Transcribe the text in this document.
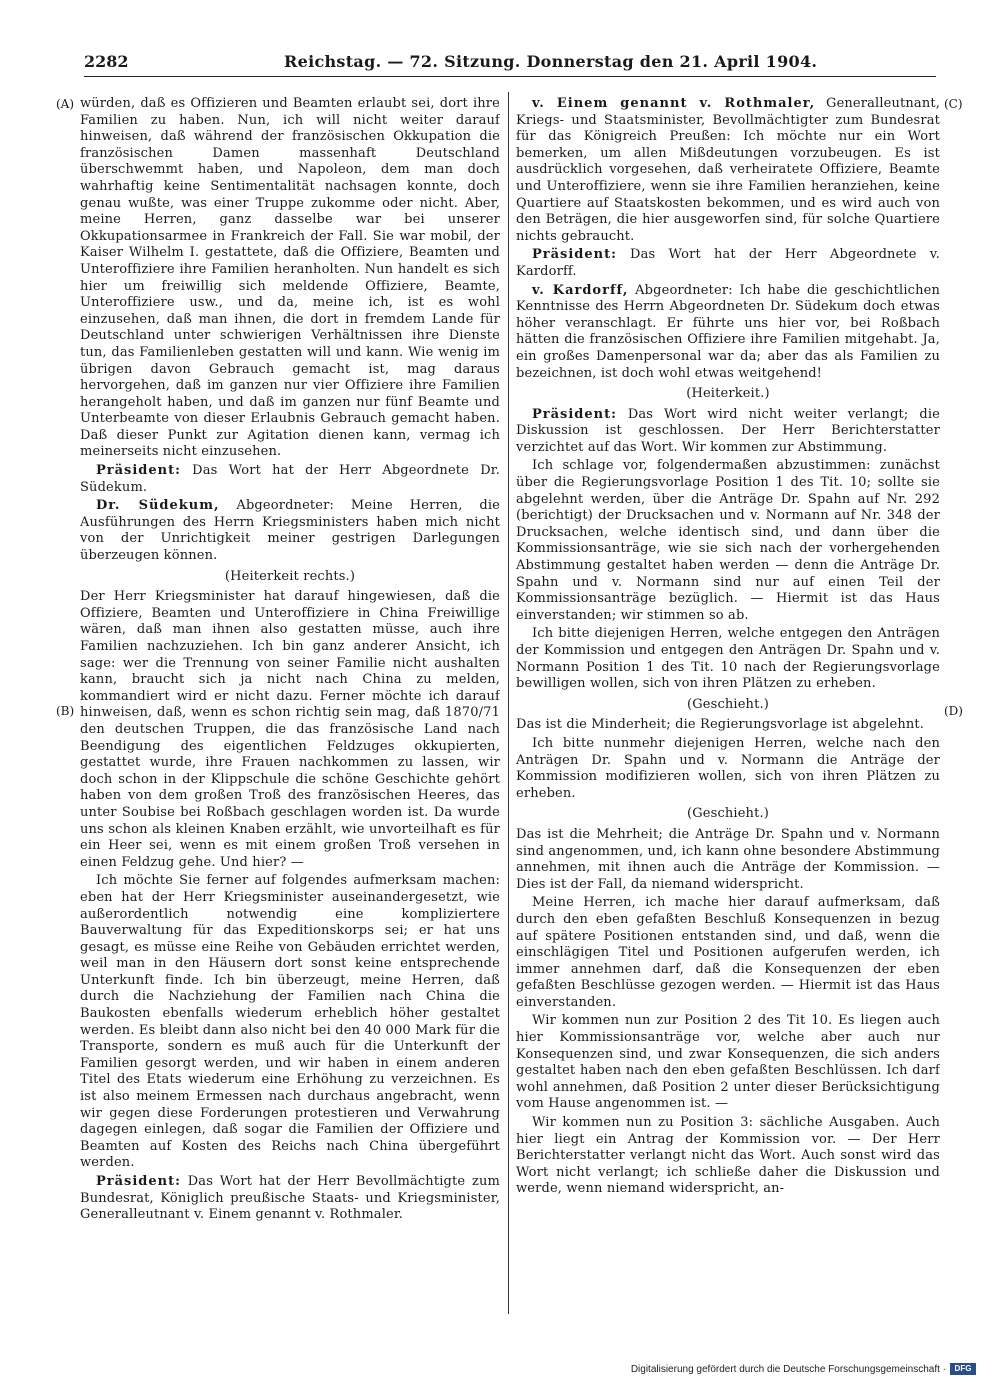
2282	Reichstag. — 72. Sitzung. Donnerstag den 21. April 1904.
(A)
(B)
(C)
(D)

würden, daß es Offizieren und Beamten erlaubt sei, dort ihre Familien zu haben. Nun, ich will nicht weiter darauf hinweisen, daß während der französischen Okkupation die französischen Damen massenhaft Deutschland überschwemmt haben, und Napoleon, dem man doch wahrhaftig keine Sentimentalität nachsagen konnte, doch genau wußte, was einer Truppe zukomme oder nicht. Aber, meine Herren, ganz dasselbe war bei unserer Okkupationsarmee in Frankreich der Fall. Sie war mobil, der Kaiser Wilhelm I. gestattete, daß die Offiziere, Beamten und Unteroffiziere ihre Familien heranholten. Nun handelt es sich hier um freiwillig sich meldende Offiziere, Beamte, Unteroffiziere usw., und da, meine ich, ist es wohl einzusehen, daß man ihnen, die dort in fremdem Lande für Deutschland unter schwierigen Verhältnissen ihre Dienste tun, das Familienleben gestatten will und kann. Wie wenig im übrigen davon Gebrauch gemacht ist, mag daraus hervorgehen, daß im ganzen nur vier Offiziere ihre Familien herangeholt haben, und daß im ganzen nur fünf Beamte und Unterbeamte von dieser Erlaubnis Gebrauch gemacht haben. Daß dieser Punkt zur Agitation dienen kann, vermag ich meinerseits nicht einzusehen.

Präsident: Das Wort hat der Herr Abgeordnete Dr. Südekum.

Dr. Südekum, Abgeordneter: Meine Herren, die Ausführungen des Herrn Kriegsministers haben mich nicht von der Unrichtigkeit meiner gestrigen Darlegungen überzeugen können.

(Heiterkeit rechts.)

Der Herr Kriegsminister hat darauf hingewiesen, daß die Offiziere, Beamten und Unteroffiziere in China Freiwillige wären, daß man ihnen also gestatten müsse, auch ihre Familien nachzuziehen. Ich bin ganz anderer Ansicht, ich sage: wer die Trennung von seiner Familie nicht aushalten kann, braucht sich ja nicht nach China zu melden, kommandiert wird er nicht dazu. Ferner möchte ich darauf hinweisen, daß, wenn es schon richtig sein mag, daß 1870/71 den deutschen Truppen, die das französische Land nach Beendigung des eigentlichen Feldzuges okkupierten, gestattet wurde, ihre Frauen nachkommen zu lassen, wir doch schon in der Klippschule die schöne Geschichte gehört haben von dem großen Troß des französischen Heeres, das unter Soubise bei Roßbach geschlagen worden ist. Da wurde uns schon als kleinen Knaben erzählt, wie unvorteilhaft es für ein Heer sei, wenn es mit einem großen Troß versehen in einen Feldzug gehe. Und hier? —

Ich möchte Sie ferner auf folgendes aufmerksam machen: eben hat der Herr Kriegsminister auseinandergesetzt, wie außerordentlich notwendig eine kompliziertere Bauverwaltung für das Expeditionskorps sei; er hat uns gesagt, es müsse eine Reihe von Gebäuden errichtet werden, weil man in den Häusern dort sonst keine entsprechende Unterkunft finde. Ich bin überzeugt, meine Herren, daß durch die Nachziehung der Familien nach China die Baukosten ebenfalls wiederum erheblich höher gestaltet werden. Es bleibt dann also nicht bei den 40 000 Mark für die Transporte, sondern es muß auch für die Unterkunft der Familien gesorgt werden, und wir haben in einem anderen Titel des Etats wiederum eine Erhöhung zu verzeichnen. Es ist also meinem Ermessen nach durchaus angebracht, wenn wir gegen diese Forderungen protestieren und Verwahrung dagegen einlegen, daß sogar die Familien der Offiziere und Beamten auf Kosten des Reichs nach China übergeführt werden.

Präsident: Das Wort hat der Herr Bevollmächtigte zum Bundesrat, Königlich preußische Staats- und Kriegsminister, Generalleutnant v. Einem genannt v. Rothmaler.

v. Einem genannt v. Rothmaler, Generalleutnant, Kriegs- und Staatsminister, Bevollmächtigter zum Bundesrat für das Königreich Preußen: Ich möchte nur ein Wort bemerken, um allen Mißdeutungen vorzubeugen. Es ist ausdrücklich vorgesehen, daß verheiratete Offiziere, Beamte und Unteroffiziere, wenn sie ihre Familien heranziehen, keine Quartiere auf Staatskosten bekommen, und es wird auch von den Beträgen, die hier ausgeworfen sind, für solche Quartiere nichts gebraucht.

Präsident: Das Wort hat der Herr Abgeordnete v. Kardorff.

v. Kardorff, Abgeordneter: Ich habe die geschichtlichen Kenntnisse des Herrn Abgeordneten Dr. Südekum doch etwas höher veranschlagt. Er führte uns hier vor, bei Roßbach hätten die französischen Offiziere ihre Familien mitgehabt. Ja, ein großes Damenpersonal war da; aber das als Familien zu bezeichnen, ist doch wohl etwas weitgehend!

(Heiterkeit.)

Präsident: Das Wort wird nicht weiter verlangt; die Diskussion ist geschlossen. Der Herr Berichterstatter verzichtet auf das Wort. Wir kommen zur Abstimmung.

Ich schlage vor, folgendermaßen abzustimmen: zunächst über die Regierungsvorlage Position 1 des Tit. 10; sollte sie abgelehnt werden, über die Anträge Dr. Spahn auf Nr. 292 (berichtigt) der Drucksachen und v. Normann auf Nr. 348 der Drucksachen, welche identisch sind, und dann über die Kommissionsanträge, wie sie sich nach der vorhergehenden Abstimmung gestaltet haben werden — denn die Anträge Dr. Spahn und v. Normann sind nur auf einen Teil der Kommissionsanträge bezüglich. — Hiermit ist das Haus einverstanden; wir stimmen so ab.

Ich bitte diejenigen Herren, welche entgegen den Anträgen der Kommission und entgegen den Anträgen Dr. Spahn und v. Normann Position 1 des Tit. 10 nach der Regierungsvorlage bewilligen wollen, sich von ihren Plätzen zu erheben.

(Geschieht.)

Das ist die Minderheit; die Regierungsvorlage ist abgelehnt.

Ich bitte nunmehr diejenigen Herren, welche nach den Anträgen Dr. Spahn und v. Normann die Anträge der Kommission modifizieren wollen, sich von ihren Plätzen zu erheben.

(Geschieht.)

Das ist die Mehrheit; die Anträge Dr. Spahn und v. Normann sind angenommen, und, ich kann ohne besondere Abstimmung annehmen, mit ihnen auch die Anträge der Kommission. — Dies ist der Fall, da niemand widerspricht.

Meine Herren, ich mache hier darauf aufmerksam, daß durch den eben gefaßten Beschluß Konsequenzen in bezug auf spätere Positionen entstanden sind, und daß, wenn die einschlägigen Titel und Positionen aufgerufen werden, ich immer annehmen darf, daß die Konsequenzen der eben gefaßten Beschlüsse gezogen werden. — Hiermit ist das Haus einverstanden.

Wir kommen nun zur Position 2 des Tit 10. Es liegen auch hier Kommissionsanträge vor, welche aber auch nur Konsequenzen sind, und zwar Konsequenzen, die sich anders gestaltet haben nach den eben gefaßten Beschlüssen. Ich darf wohl annehmen, daß Position 2 unter dieser Berücksichtigung vom Hause angenommen ist. —

Wir kommen nun zu Position 3: sächliche Ausgaben. Auch hier liegt ein Antrag der Kommission vor. — Der Herr Berichterstatter verlangt nicht das Wort. Auch sonst wird das Wort nicht verlangt; ich schließe daher die Diskussion und werde, wenn niemand widerspricht, an-

Digitalisierung gefördert durch die Deutsche Forschungsgemeinschaft ·	DFG
